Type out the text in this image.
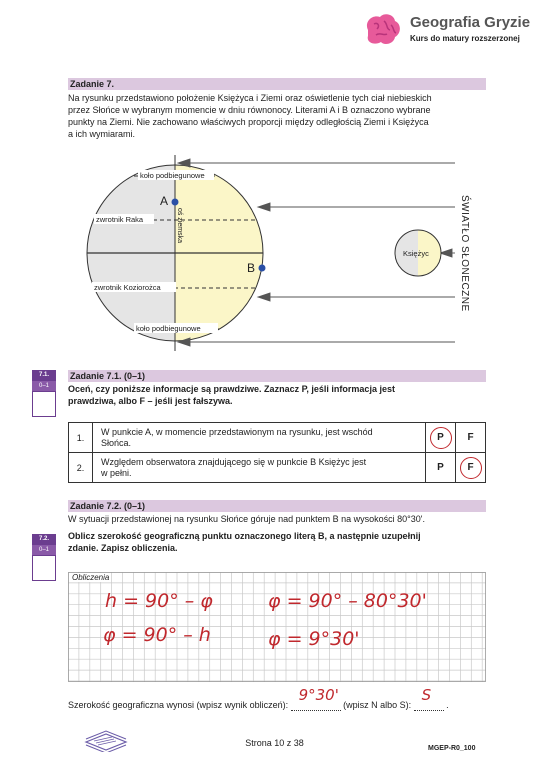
Geografia Gryzie
Kurs do matury rozszerzonej
Zadanie 7.
Na rysunku przedstawiono położenie Księżyca i Ziemi oraz oświetlenie tych ciał niebieskich
przez Słońce w wybranym momencie w dniu równonocy. Literami A i B oznaczono wybrane
punkty na Ziemi. Nie zachowano właściwych proporcji między odległością Ziemi i Księżyca
a ich wymiarami.
koło podbiegunowe
zwrotnik Raka	oś ziemska
zwrotnik Koziorożca
koło podbiegunowe
A
B
Księżyc	ŚWIATŁO SŁONECZNE
7.1.
0–1
Zadanie 7.1. (0–1)
Oceń, czy poniższe informacje są prawdziwe. Zaznacz P, jeśli informacja jest
prawdziwa, albo F – jeśli jest fałszywa.
1.	W punkcie A, w momencie przedstawionym na rysunku, jest wschód
Słońca.	P	F
2.	Względem obserwatora znajdującego się w punkcie B Księżyc jest
w pełni.	P	F
Zadanie 7.2. (0–1)
W sytuacji przedstawionej na rysunku Słońce góruje nad punktem B na wysokości 80°30'.
7.2.
0–1
Oblicz szerokość geograficzną punktu oznaczonego literą B, a następnie uzupełnij
zdanie. Zapisz obliczenia.
Obliczenia
h = 90° – φ
φ = 90° – h
φ = 90° – 80°30'
φ = 9°30'
Szerokość geograficzna wynosi (wpisz wynik obliczeń):
9°30'
(wpisz N albo S):
S
.
Strona 10 z 38
MGEP-R0_100
